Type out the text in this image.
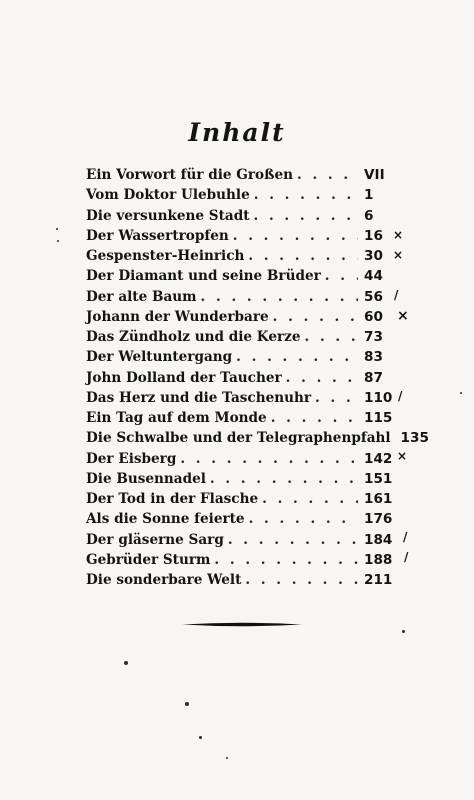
Inhalt
Ein Vorwort für die Großen . . .	VII
Vom Doktor Ulebuhle . . .	1
Die versunkene Stadt . . .	6
Der Wassertropfen . . .	16
Gespenster-Heinrich . . .	30
Der Diamant und seine Brüder . . .	44
Der alte Baum . . .	56
Johann der Wunderbare . . .	60
Das Zündholz und die Kerze . . .	73
Der Weltuntergang . . .	83
John Dolland der Taucher . . .	87
Das Herz und die Taschenuhr . . .	110
Ein Tag auf dem Monde . . .	115
Die Schwalbe und der Telegraphenpfahl 135
Der Eisberg . . .	142
Die Busennadel . . .	151
Der Tod in der Flasche . . .	161
Als die Sonne feierte . . .	176
Der gläserne Sarg . . .	184
Gebrüder Sturm . . .	188
Die sonderbare Welt . . .	211
×
×
/
×
/
×
/
/
